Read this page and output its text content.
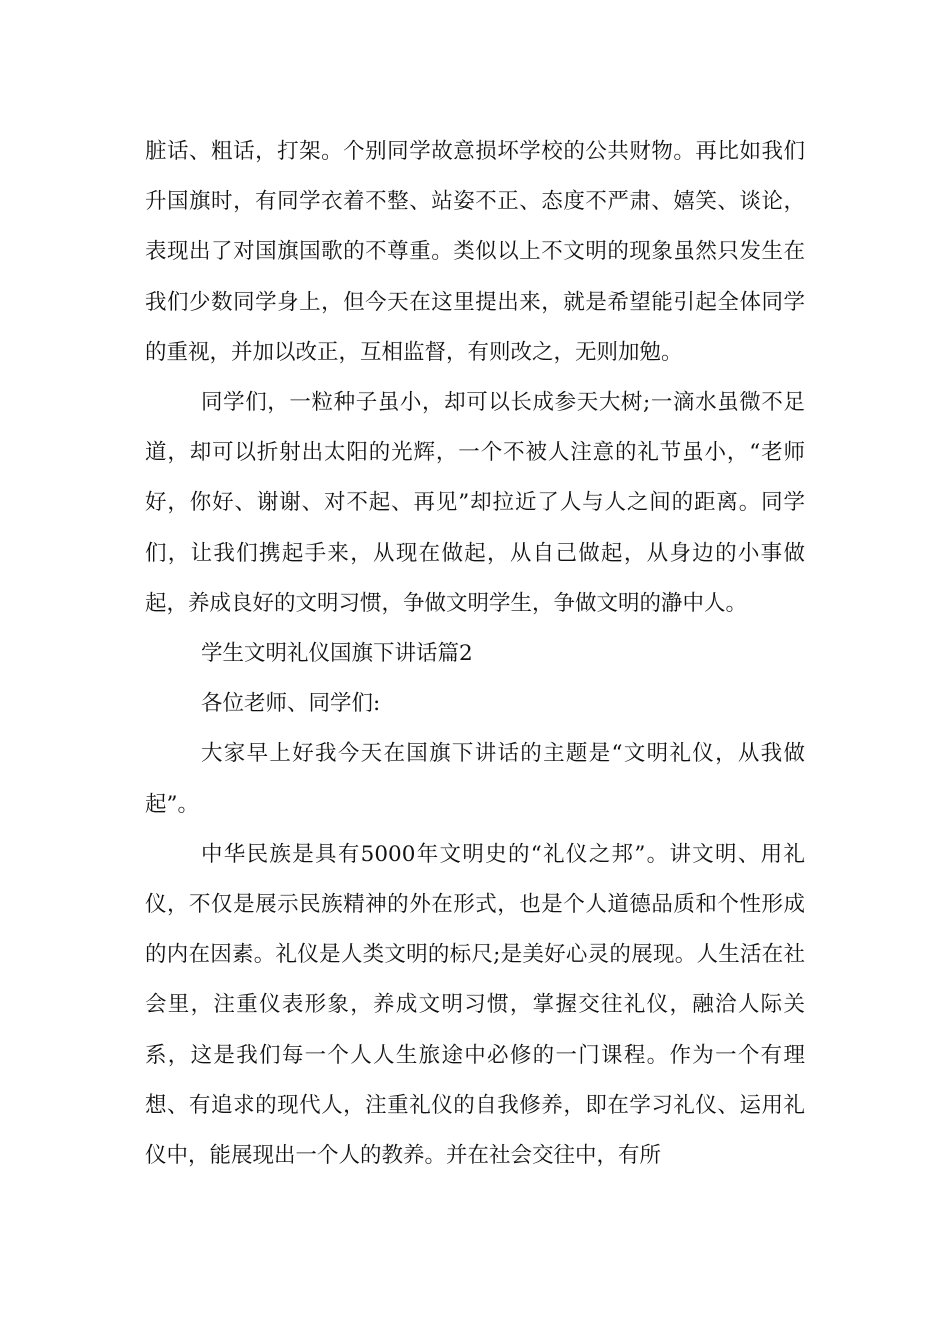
脏话、粗话，打架。个别同学故意损坏学校的公共财物。再比如我们升国旗时，有同学衣着不整、站姿不正、态度不严肃、嬉笑、谈论，表现出了对国旗国歌的不尊重。类似以上不文明的现象虽然只发生在我们少数同学身上，但今天在这里提出来，就是希望能引起全体同学的重视，并加以改正，互相监督，有则改之，无则加勉。

同学们，一粒种子虽小，却可以长成参天大树;一滴水虽微不足道，却可以折射出太阳的光辉，一个不被人注意的礼节虽小，“老师好，你好、谢谢、对不起、再见”却拉近了人与人之间的距离。同学们，让我们携起手来，从现在做起，从自己做起，从身边的小事做起，养成良好的文明习惯，争做文明学生，争做文明的瀞中人。

学生文明礼仪国旗下讲话篇2

各位老师、同学们:

大家早上好我今天在国旗下讲话的主题是“文明礼仪，从我做起”。

中华民族是具有5000年文明史的“礼仪之邦”。讲文明、用礼仪，不仅是展示民族精神的外在形式，也是个人道德品质和个性形成的内在因素。礼仪是人类文明的标尺;是美好心灵的展现。人生活在社会里，注重仪表形象，养成文明习惯，掌握交往礼仪，融洽人际关系，这是我们每一个人人生旅途中必修的一门课程。作为一个有理想、有追求的现代人，注重礼仪的自我修养，即在学习礼仪、运用礼仪中，能展现出一个人的教养。并在社会交往中，有所
